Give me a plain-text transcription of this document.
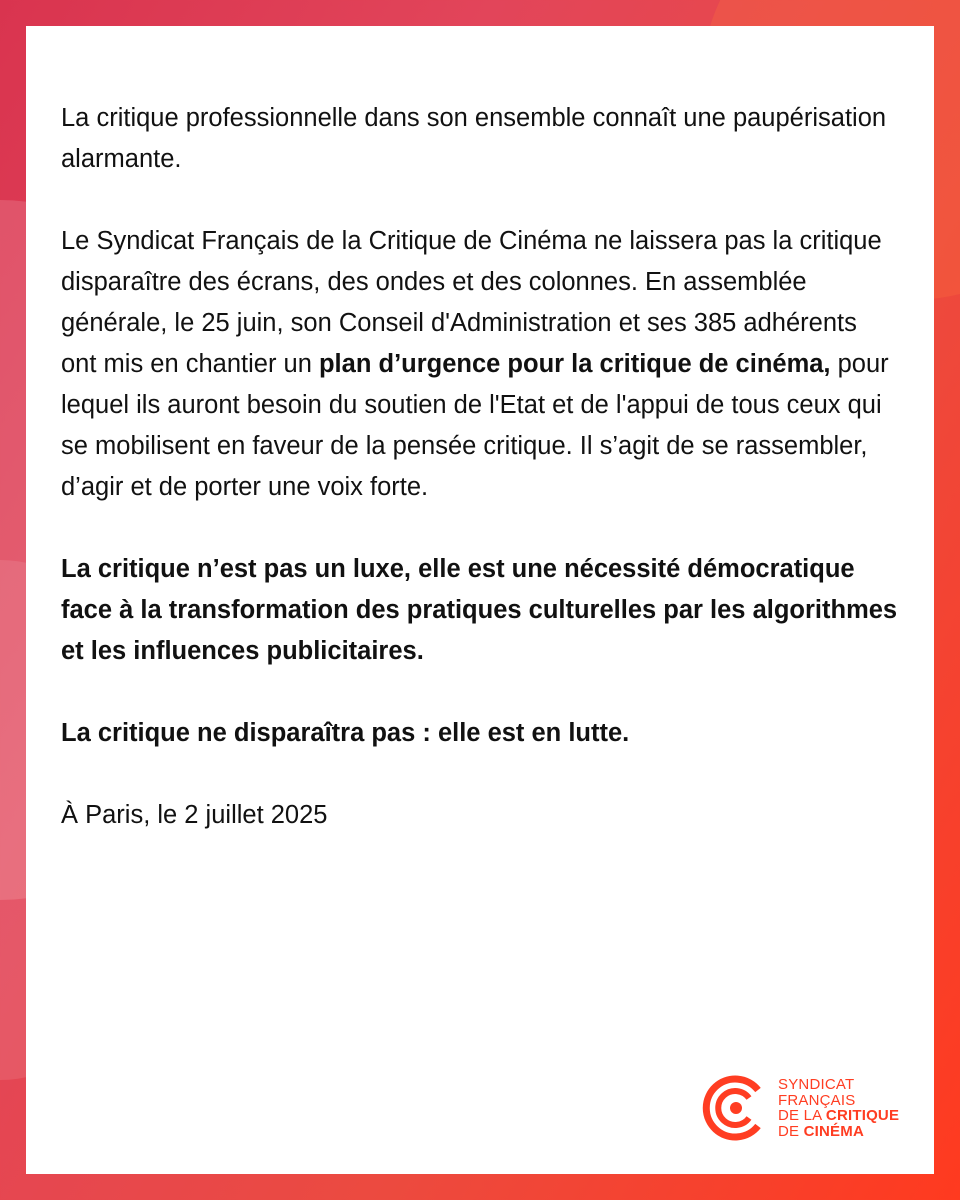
La critique professionnelle dans son ensemble connaît une paupérisation alarmante.

Le Syndicat Français de la Critique de Cinéma ne laissera pas la critique disparaître des écrans, des ondes et des colonnes. En assemblée générale, le 25 juin, son Conseil d'Administration et ses 385 adhérents ont mis en chantier un plan d’urgence pour la critique de cinéma, pour lequel ils auront besoin du soutien de l'Etat et de l'appui de tous ceux qui se mobilisent en faveur de la pensée critique. Il s’agit de se rassembler, d’agir et de porter une voix forte.

La critique n’est pas un luxe, elle est une nécessité démocratique face à la transformation des pratiques culturelles par les algorithmes et les influences publicitaires.

La critique ne disparaîtra pas : elle est en lutte.

À Paris, le 2 juillet 2025

SYNDICAT
FRANÇAIS
DE LA CRITIQUE
DE CINÉMA
